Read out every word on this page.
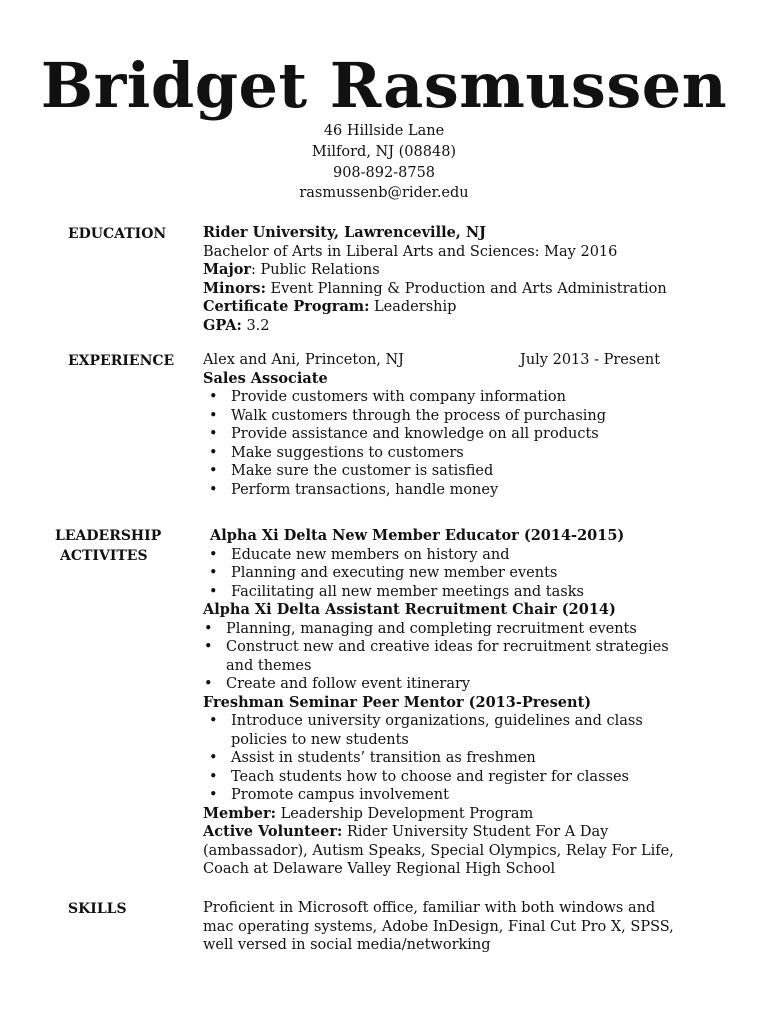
Bridget Rasmussen
46 Hillside Lane
Milford, NJ (08848)
908-892-8758
rasmussenb@rider.edu
EDUCATION	Rider University, Lawrenceville, NJ
Bachelor of Arts in Liberal Arts and Sciences: May 2016
Major: Public Relations
Minors: Event Planning & Production and Arts Administration
Certificate Program: Leadership
GPA: 3.2
EXPERIENCE Alex and Ani, Princeton, NJ	July 2013 - Present
Sales Associate
• Provide customers with company information
• Walk customers through the process of purchasing
• Provide assistance and knowledge on all products
• Make suggestions to customers
• Make sure the customer is satisfied
• Perform transactions, handle money
LEADERSHIP
ACTIVITES
Alpha Xi Delta New Member Educator (2014-2015)
• Educate new members on history and
• Planning and executing new member events
• Facilitating all new member meetings and tasks
Alpha Xi Delta Assistant Recruitment Chair (2014)
• Planning, managing and completing recruitment events
• Construct new and creative ideas for recruitment strategies
and themes
• Create and follow event itinerary
Freshman Seminar Peer Mentor (2013-Present)
• Introduce university organizations, guidelines and class
policies to new students
• Assist in students’ transition as freshmen
• Teach students how to choose and register for classes
• Promote campus involvement
Member: Leadership Development Program
Active Volunteer: Rider University Student For A Day
(ambassador), Autism Speaks, Special Olympics, Relay For Life,
Coach at Delaware Valley Regional High School
SKILLS	Proficient in Microsoft office, familiar with both windows and
mac operating systems, Adobe InDesign, Final Cut Pro X, SPSS,
well versed in social media/networking
